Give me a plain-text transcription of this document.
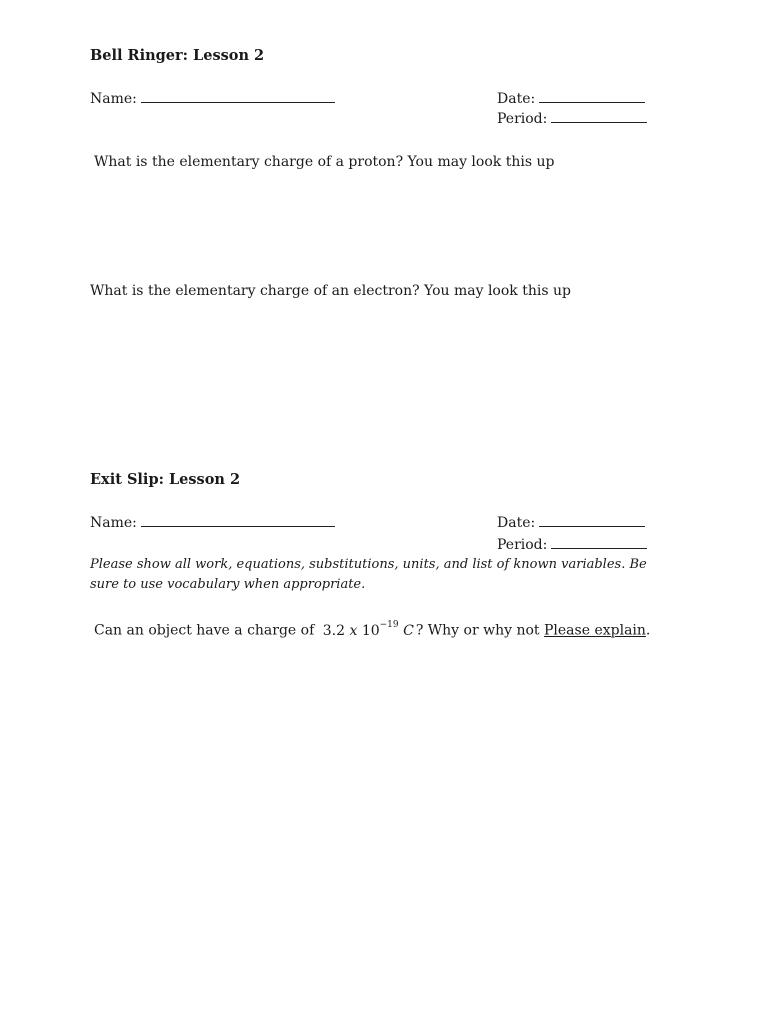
Bell Ringer: Lesson 2
Name:	Date:
Period:
What is the elementary charge of a proton? You may look this up
What is the elementary charge of an electron? You may look this up
Exit Slip: Lesson 2
Name:	Date:
Period:
Please show all work, equations, substitutions, units, and list of known variables. Be sure to use vocabulary when appropriate.
Can an object have a charge of 3.2 x $10^{-19}$ C ? Why or why not Please explain.
